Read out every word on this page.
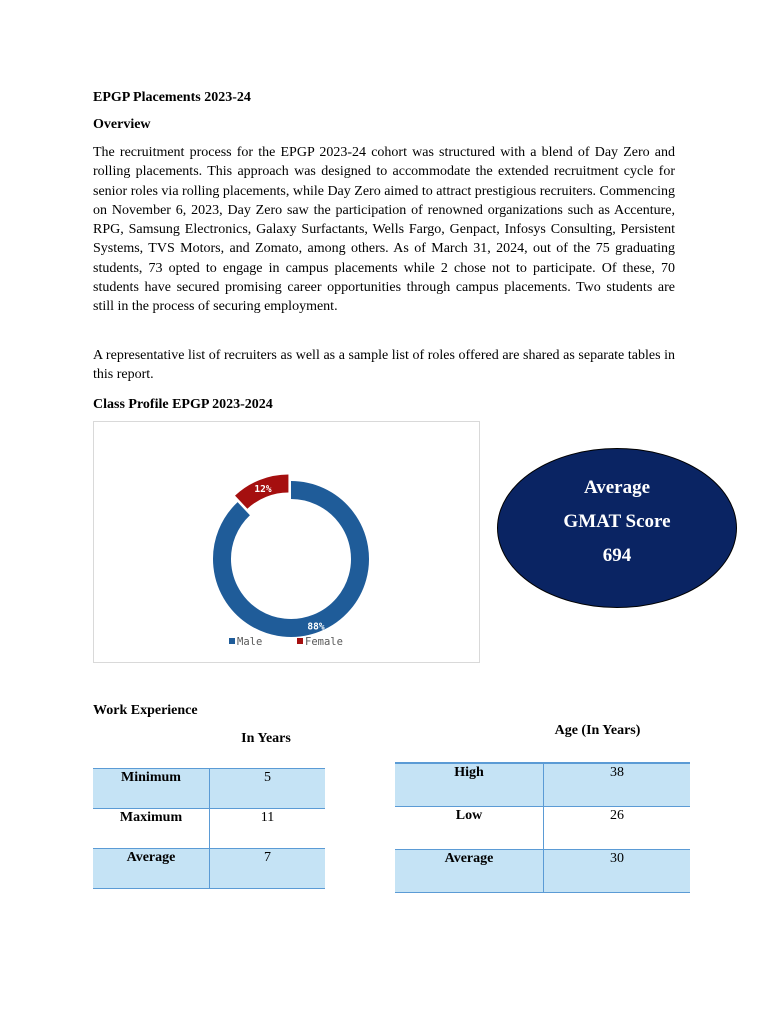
EPGP Placements 2023-24
Overview
The recruitment process for the EPGP 2023-24 cohort was structured with a blend of Day Zero and rolling placements. This approach was designed to accommodate the extended recruitment cycle for senior roles via rolling placements, while Day Zero aimed to attract prestigious recruiters. Commencing on November 6, 2023, Day Zero saw the participation of renowned organizations such as Accenture, RPG, Samsung Electronics, Galaxy Surfactants, Wells Fargo, Genpact, Infosys Consulting, Persistent Systems, TVS Motors, and Zomato, among others. As of March 31, 2024, out of the 75 graduating students, 73 opted to engage in campus placements while 2 chose not to participate. Of these, 70 students have secured promising career opportunities through campus placements. Two students are still in the process of securing employment.
A representative list of recruiters as well as a sample list of roles offered are shared as separate tables in this report.
Class Profile EPGP 2023-2024
12%
88%
Male	Female
Average
GMAT Score
694
Work Experience
In Years
Age (In Years)
Minimum	5
Maximum	11
Average	7
High	38
Low	26
Average	30
